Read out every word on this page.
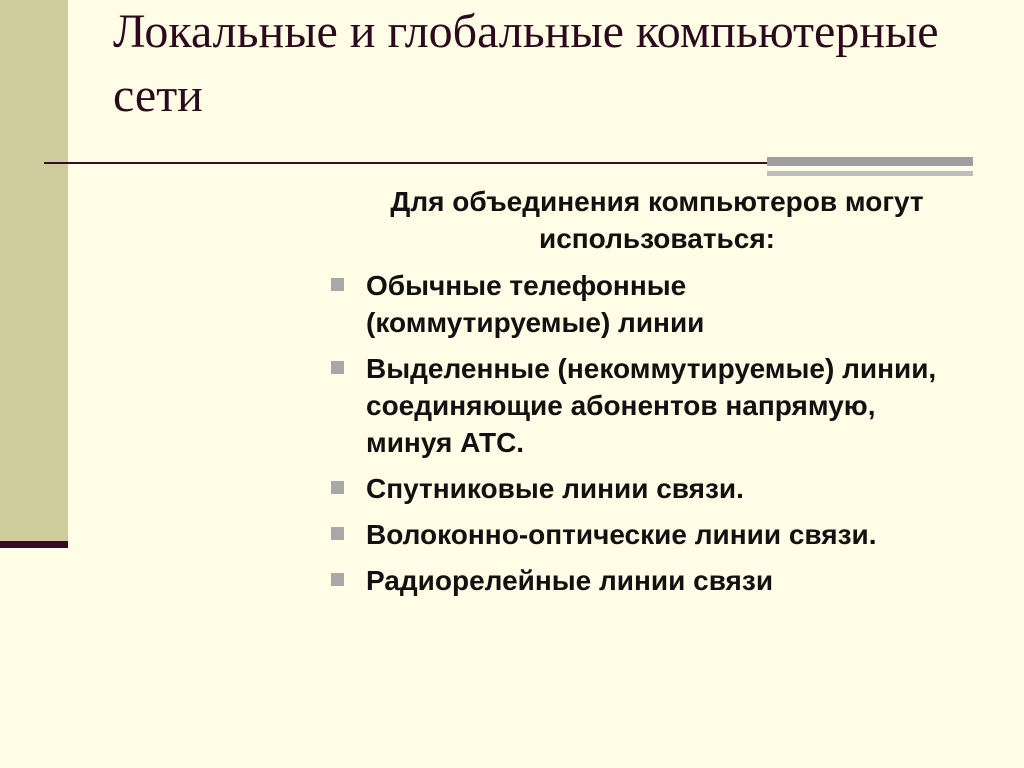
Локальные и глобальные компьютерные сети

Для объединения компьютеров могут использоваться:

Обычные телефонные (коммутируемые) линии
Выделенные (некоммутируемые) линии, соединяющие абонентов напрямую, минуя АТС.
Спутниковые линии связи.
Волоконно-оптические линии связи.
Радиорелейные линии связи
